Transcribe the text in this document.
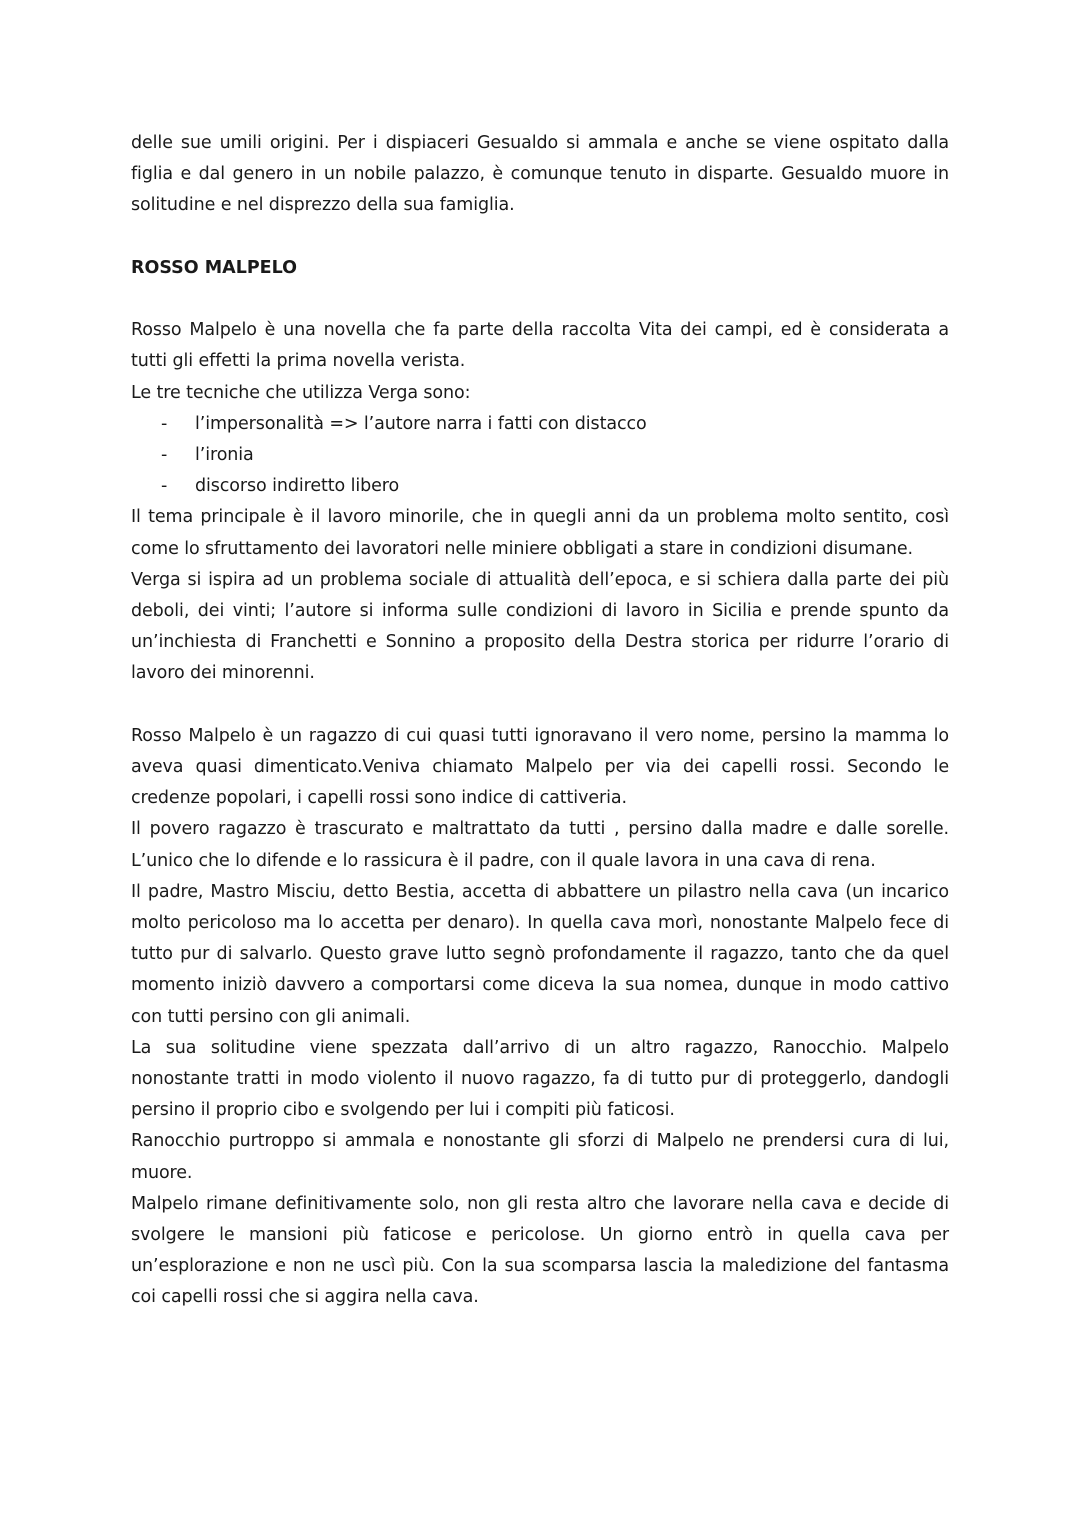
delle sue umili origini. Per i dispiaceri Gesualdo si ammala e anche se viene ospitato dalla figlia e dal genero in un nobile palazzo, è comunque tenuto in disparte. Gesualdo muore in solitudine e nel disprezzo della sua famiglia.

ROSSO MALPELO

Rosso Malpelo è una novella che fa parte della raccolta Vita dei campi, ed è considerata a tutti gli effetti la prima novella verista.

Le tre tecniche che utilizza Verga sono:

- l’impersonalità => l’autore narra i fatti con distacco
- l’ironia
- discorso indiretto libero

Il tema principale è il lavoro minorile, che in quegli anni da un problema molto sentito, così come lo sfruttamento dei lavoratori nelle miniere obbligati a stare in condizioni disumane.

Verga si ispira ad un problema sociale di attualità dell’epoca, e si schiera dalla parte dei più deboli, dei vinti; l’autore si informa sulle condizioni di lavoro in Sicilia e prende spunto da un’inchiesta di Franchetti e Sonnino a proposito della Destra storica per ridurre l’orario di lavoro dei minorenni.

Rosso Malpelo è un ragazzo di cui quasi tutti ignoravano il vero nome, persino la mamma lo aveva quasi dimenticato.Veniva chiamato Malpelo per via dei capelli rossi. Secondo le credenze popolari, i capelli rossi sono indice di cattiveria.

Il povero ragazzo è trascurato e maltrattato da tutti , persino dalla madre e dalle sorelle. L’unico che lo difende e lo rassicura è il padre, con il quale lavora in una cava di rena.

Il padre, Mastro Misciu, detto Bestia, accetta di abbattere un pilastro nella cava (un incarico molto pericoloso ma lo accetta per denaro). In quella cava morì, nonostante Malpelo fece di tutto pur di salvarlo. Questo grave lutto segnò profondamente il ragazzo, tanto che da quel momento iniziò davvero a comportarsi come diceva la sua nomea, dunque in modo cattivo con tutti persino con gli animali.

La sua solitudine viene spezzata dall’arrivo di un altro ragazzo, Ranocchio. Malpelo nonostante tratti in modo violento il nuovo ragazzo, fa di tutto pur di proteggerlo, dandogli persino il proprio cibo e svolgendo per lui i compiti più faticosi.

Ranocchio purtroppo si ammala e nonostante gli sforzi di Malpelo ne prendersi cura di lui, muore.

Malpelo rimane definitivamente solo, non gli resta altro che lavorare nella cava e decide di svolgere le mansioni più faticose e pericolose. Un giorno entrò in quella cava per un’esplorazione e non ne uscì più. Con la sua scomparsa lascia la maledizione del fantasma coi capelli rossi che si aggira nella cava.
